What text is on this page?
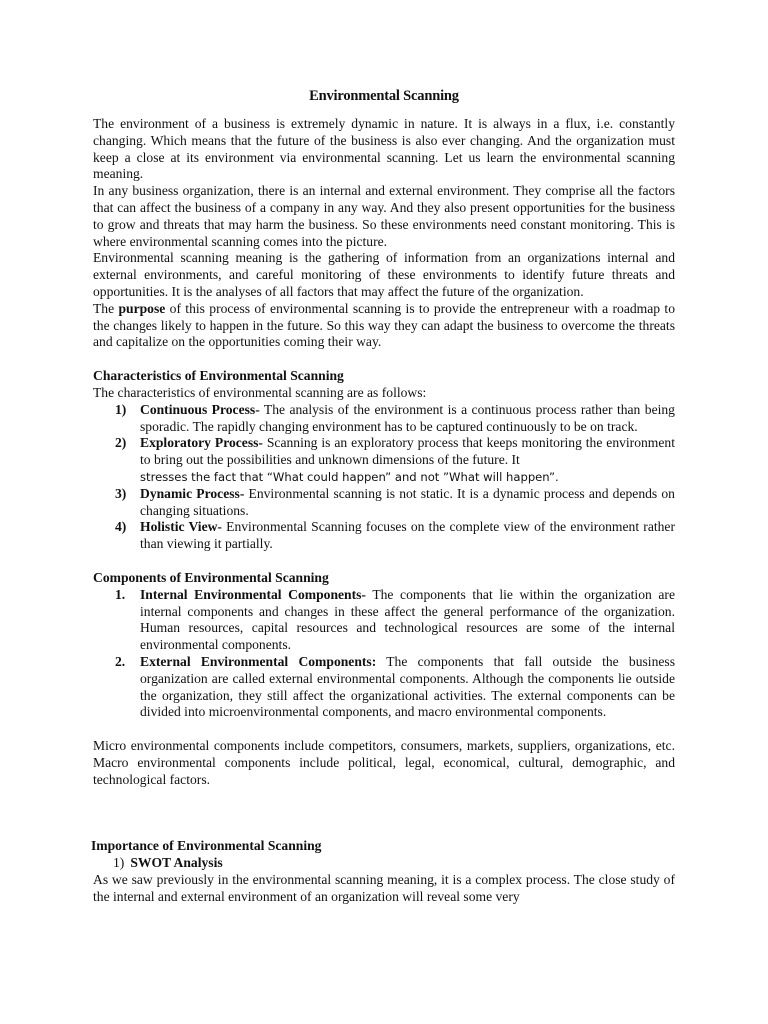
Environmental Scanning

The environment of a business is extremely dynamic in nature. It is always in a flux, i.e. constantly changing. Which means that the future of the business is also ever changing. And the organization must keep a close at its environment via environmental scanning. Let us learn the environmental scanning meaning.

In any business organization, there is an internal and external environment. They comprise all the factors that can affect the business of a company in any way. And they also present opportunities for the business to grow and threats that may harm the business. So these environments need constant monitoring. This is where environmental scanning comes into the picture.

Environmental scanning meaning is the gathering of information from an organizations internal and external environments, and careful monitoring of these environments to identify future threats and opportunities. It is the analyses of all factors that may affect the future of the organization.

The purpose of this process of environmental scanning is to provide the entrepreneur with a roadmap to the changes likely to happen in the future. So this way they can adapt the business to overcome the threats and capitalize on the opportunities coming their way.

Characteristics of Environmental Scanning

The characteristics of environmental scanning are as follows:

1) Continuous Process- The analysis of the environment is a continuous process rather than being sporadic. The rapidly changing environment has to be captured continuously to be on track.
2) Exploratory Process- Scanning is an exploratory process that keeps monitoring the environment to bring out the possibilities and unknown dimensions of the future. It
stresses the fact that “What could happen” and not ”What will happen”.
3) Dynamic Process- Environmental scanning is not static. It is a dynamic process and depends on changing situations.
4) Holistic View- Environmental Scanning focuses on the complete view of the environment rather than viewing it partially.

Components of Environmental Scanning

1. Internal Environmental Components- The components that lie within the organization are internal components and changes in these affect the general performance of the organization. Human resources, capital resources and technological resources are some of the internal environmental components.
2. External Environmental Components: The components that fall outside the business organization are called external environmental components. Although the components lie outside the organization, they still affect the organizational activities. The external components can be divided into microenvironmental components, and macro environmental components.

Micro environmental components include competitors, consumers, markets, suppliers, organizations, etc. Macro environmental components include political, legal, economical, cultural, demographic, and technological factors.

Importance of Environmental Scanning

1) SWOT Analysis

As we saw previously in the environmental scanning meaning, it is a complex process. The close study of the internal and external environment of an organization will reveal some very
